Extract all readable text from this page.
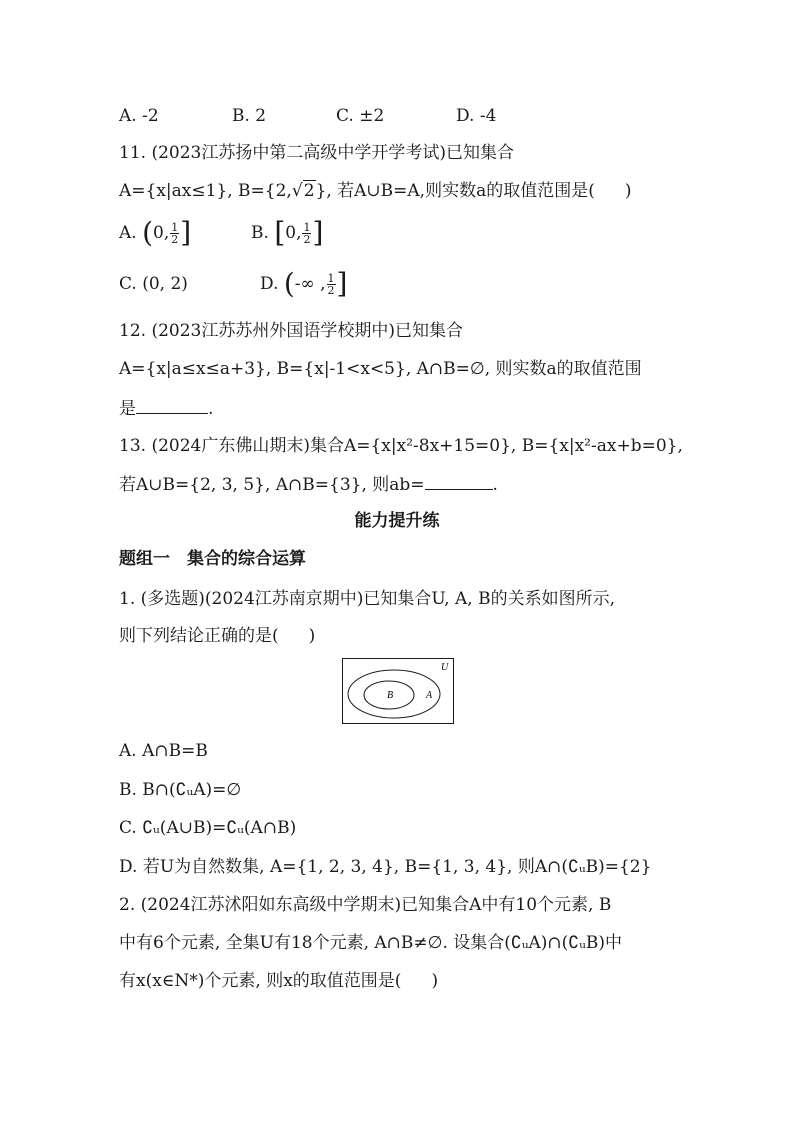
A. -2	B. 2	C. ±2	D. -4
11. (2023江苏扬中第二高级中学开学考试)已知集合
A={x|ax≤1}, B={2,√2}, 若A∪B=A,则实数a的取值范围是( )
A. (0, $\frac{1}{2}$ ]	B. [0, $\frac{1}{2}$ ]
C. (0, 2)	D. (-∞ , $\frac{1}{2}$ ]
12. (2023江苏苏州外国语学校期中)已知集合
A={x|a≤x≤a+3}, B={x|-1<x<5}, A∩B=∅, 则实数a的取值范围
是	.
13. (2024广东佛山期末)集合A={x|x²-8x+15=0}, B={x|x²-ax+b=0},
若A∪B={2, 3, 5}, A∩B={3}, 则ab=	.
能力提升练
题组一　集合的综合运算
1. (多选题)(2024江苏南京期中)已知集合U, A, B的关系如图所示,
则下列结论正确的是( )
U
A
B
A. A∩B=B
B. B∩(∁ᵤA)=∅
C. ∁ᵤ(A∪B)=∁ᵤ(A∩B)
D. 若U为自然数集, A={1, 2, 3, 4}, B={1, 3, 4}, 则A∩(∁ᵤB)={2}
2. (2024江苏沭阳如东高级中学期末)已知集合A中有10个元素, B
中有6个元素, 全集U有18个元素, A∩B≠∅. 设集合(∁ᵤA)∩(∁ᵤB)中
有x(x∈N*)个元素, 则x的取值范围是( )
